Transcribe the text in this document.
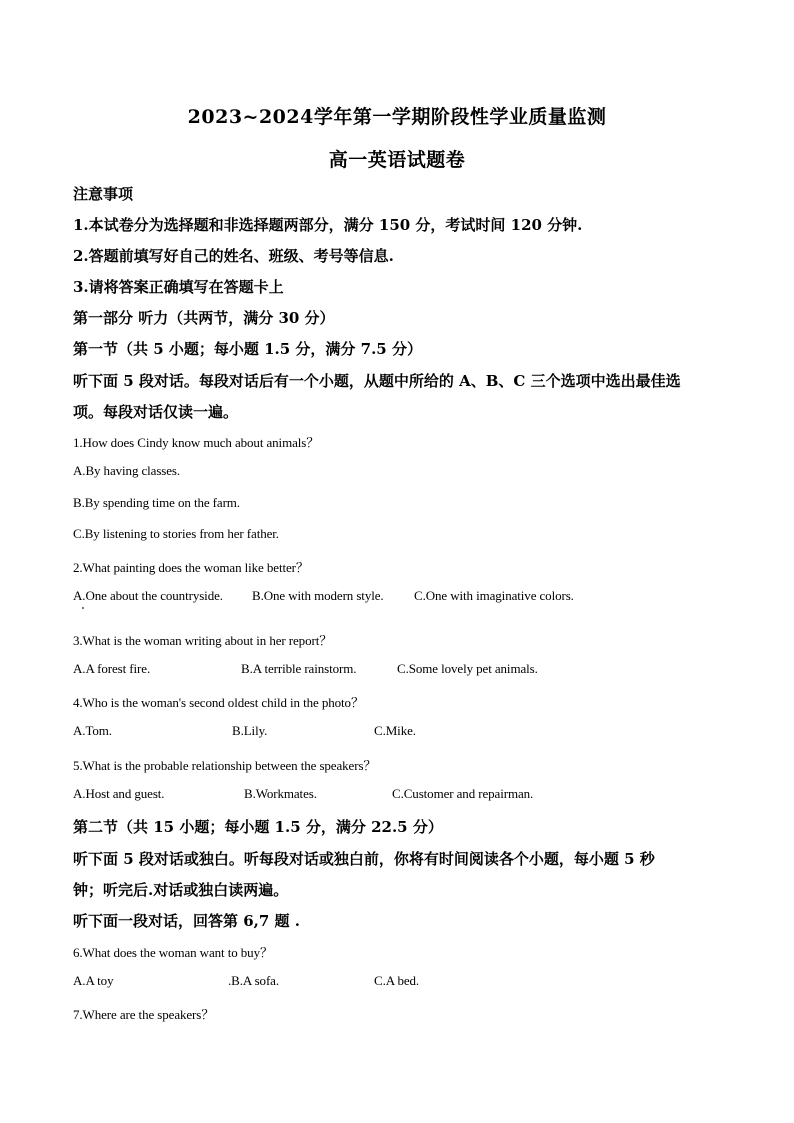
2023~2024学年第一学期阶段性学业质量监测
高一英语试题卷
注意事项
1.本试卷分为选择题和非选择题两部分，满分 150 分，考试时间 120 分钟.
2.答题前填写好自己的姓名、班级、考号等信息.
3.请将答案正确填写在答题卡上
第一部分 听力（共两节，满分 30 分）
第一节（共 5 小题；每小题 1.5 分，满分 7.5 分）
听下面 5 段对话。每段对话后有一个小题，从题中所给的 A、B、C 三个选项中选出最佳选
项。每段对话仅读一遍。
1.How does Cindy know much about animals？
A.By having classes.
B.By spending time on the farm.
C.By listening to stories from her father.
2.What painting does the woman like better？
A.One about the countryside. B.One with modern style. C.One with imaginative colors.
3.What is the woman writing about in her report？
A.A forest fire.	B.A terrible rainstorm.	C.Some lovely pet animals.
4.Who is the woman's second oldest child in the photo？
A.Tom.	B.Lily.	C.Mike.
5.What is the probable relationship between the speakers？
A.Host and guest.	B.Workmates.	C.Customer and repairman.
第二节（共 15 小题；每小题 1.5 分，满分 22.5 分）
听下面 5 段对话或独白。听每段对话或独白前，你将有时间阅读各个小题，每小题 5 秒
钟；听完后.对话或独白读两遍。
听下面一段对话，回答第 6,7 题 .
6.What does the woman want to buy？
A.A toy	.B.A sofa.	C.A bed.
7.Where are the speakers？
